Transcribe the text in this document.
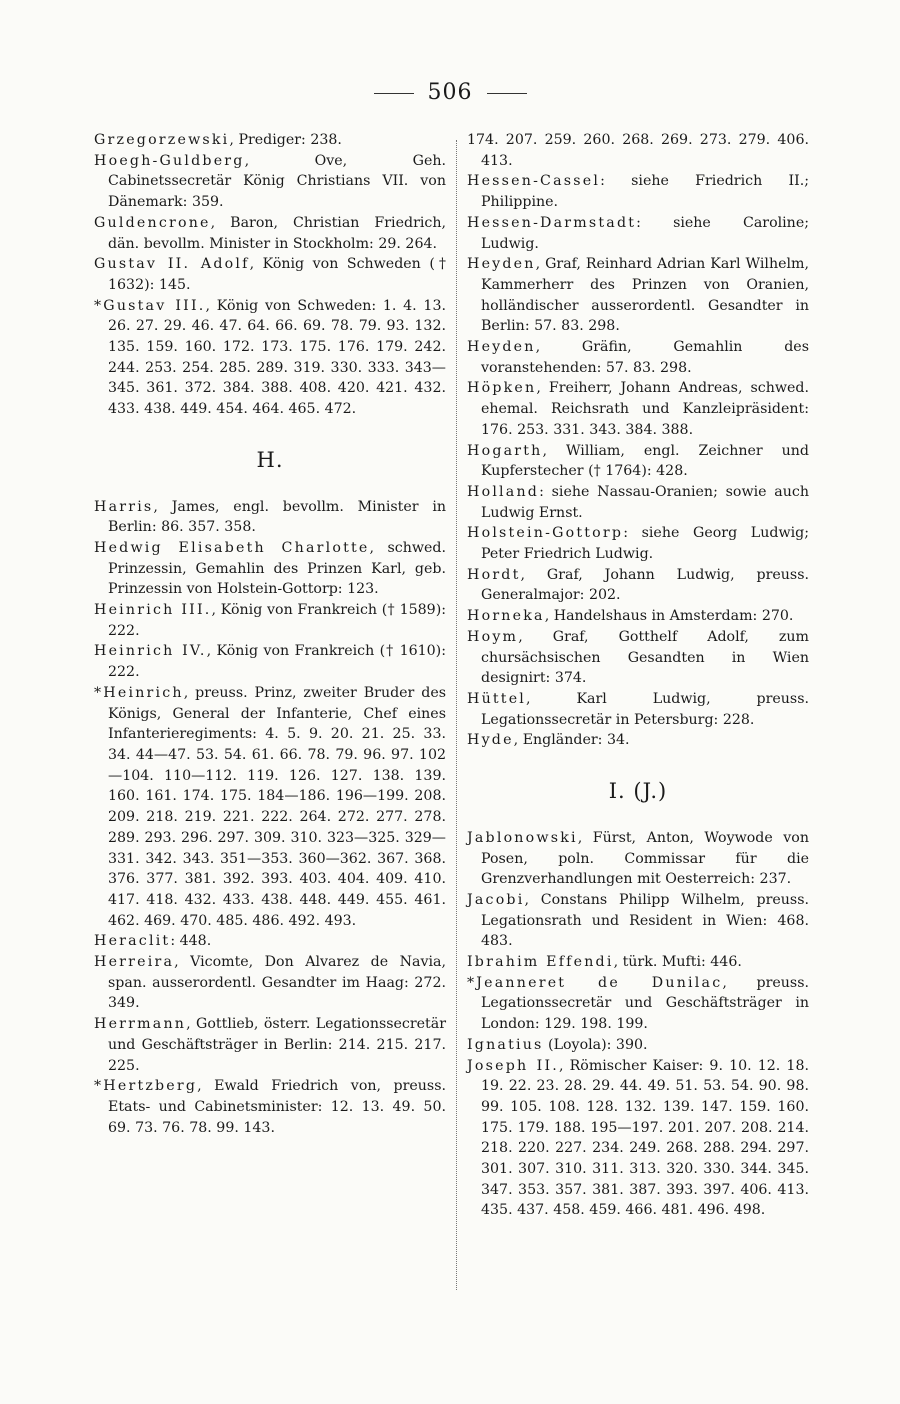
506
Grzegorzewski, Prediger: 238.
Hoegh-Guldberg, Ove, Geh. Cabinetssecretär König Christians VII. von Dänemark: 359.
Guldencrone, Baron, Christian Friedrich, dän. bevollm. Minister in Stockholm: 29. 264.
Gustav II. Adolf, König von Schweden († 1632): 145.
*Gustav III., König von Schweden: 1. 4. 13. 26. 27. 29. 46. 47. 64. 66. 69. 78. 79. 93. 132. 135. 159. 160. 172. 173. 175. 176. 179. 242. 244. 253. 254. 285. 289. 319. 330. 333. 343—345. 361. 372. 384. 388. 408. 420. 421. 432. 433. 438. 449. 454. 464. 465. 472.
H.
Harris, James, engl. bevollm. Minister in Berlin: 86. 357. 358.
Hedwig Elisabeth Charlotte, schwed. Prinzessin, Gemahlin des Prinzen Karl, geb. Prinzessin von Holstein-Gottorp: 123.
Heinrich III., König von Frankreich († 1589): 222.
Heinrich IV., König von Frankreich († 1610): 222.
*Heinrich, preuss. Prinz, zweiter Bruder des Königs, General der Infanterie, Chef eines Infanterieregiments: 4. 5. 9. 20. 21. 25. 33. 34. 44—47. 53. 54. 61. 66. 78. 79. 96. 97. 102—104. 110—112. 119. 126. 127. 138. 139. 160. 161. 174. 175. 184—186. 196—199. 208. 209. 218. 219. 221. 222. 264. 272. 277. 278. 289. 293. 296. 297. 309. 310. 323—325. 329—331. 342. 343. 351—353. 360—362. 367. 368. 376. 377. 381. 392. 393. 403. 404. 409. 410. 417. 418. 432. 433. 438. 448. 449. 455. 461. 462. 469. 470. 485. 486. 492. 493.
Heraclit: 448.
Herreira, Vicomte, Don Alvarez de Navia, span. ausserordentl. Gesandter im Haag: 272. 349.
Herrmann, Gottlieb, österr. Legationssecretär und Geschäftsträger in Berlin: 214. 215. 217. 225.
*Hertzberg, Ewald Friedrich von, preuss. Etats- und Cabinetsminister: 12. 13. 49. 50. 69. 73. 76. 78. 99. 143.
174. 207. 259. 260. 268. 269. 273. 279. 406. 413.
Hessen-Cassel: siehe Friedrich II.; Philippine.
Hessen-Darmstadt: siehe Caroline; Ludwig.
Heyden, Graf, Reinhard Adrian Karl Wilhelm, Kammerherr des Prinzen von Oranien, holländischer ausserordentl. Gesandter in Berlin: 57. 83. 298.
Heyden, Gräfin, Gemahlin des voranstehenden: 57. 83. 298.
Höpken, Freiherr, Johann Andreas, schwed. ehemal. Reichsrath und Kanzleipräsident: 176. 253. 331. 343. 384. 388.
Hogarth, William, engl. Zeichner und Kupferstecher († 1764): 428.
Holland: siehe Nassau-Oranien; sowie auch Ludwig Ernst.
Holstein-Gottorp: siehe Georg Ludwig; Peter Friedrich Ludwig.
Hordt, Graf, Johann Ludwig, preuss. Generalmajor: 202.
Horneka, Handelshaus in Amsterdam: 270.
Hoym, Graf, Gotthelf Adolf, zum chursächsischen Gesandten in Wien designirt: 374.
Hüttel, Karl Ludwig, preuss. Legationssecretär in Petersburg: 228.
Hyde, Engländer: 34.
I. (J.)
Jablonowski, Fürst, Anton, Woywode von Posen, poln. Commissar für die Grenzverhandlungen mit Oesterreich: 237.
Jacobi, Constans Philipp Wilhelm, preuss. Legationsrath und Resident in Wien: 468. 483.
Ibrahim Effendi, türk. Mufti: 446.
*Jeanneret de Dunilac, preuss. Legationssecretär und Geschäftsträger in London: 129. 198. 199.
Ignatius (Loyola): 390.
Joseph II., Römischer Kaiser: 9. 10. 12. 18. 19. 22. 23. 28. 29. 44. 49. 51. 53. 54. 90. 98. 99. 105. 108. 128. 132. 139. 147. 159. 160. 175. 179. 188. 195—197. 201. 207. 208. 214. 218. 220. 227. 234. 249. 268. 288. 294. 297. 301. 307. 310. 311. 313. 320. 330. 344. 345. 347. 353. 357. 381. 387. 393. 397. 406. 413. 435. 437. 458. 459. 466. 481. 496. 498.
